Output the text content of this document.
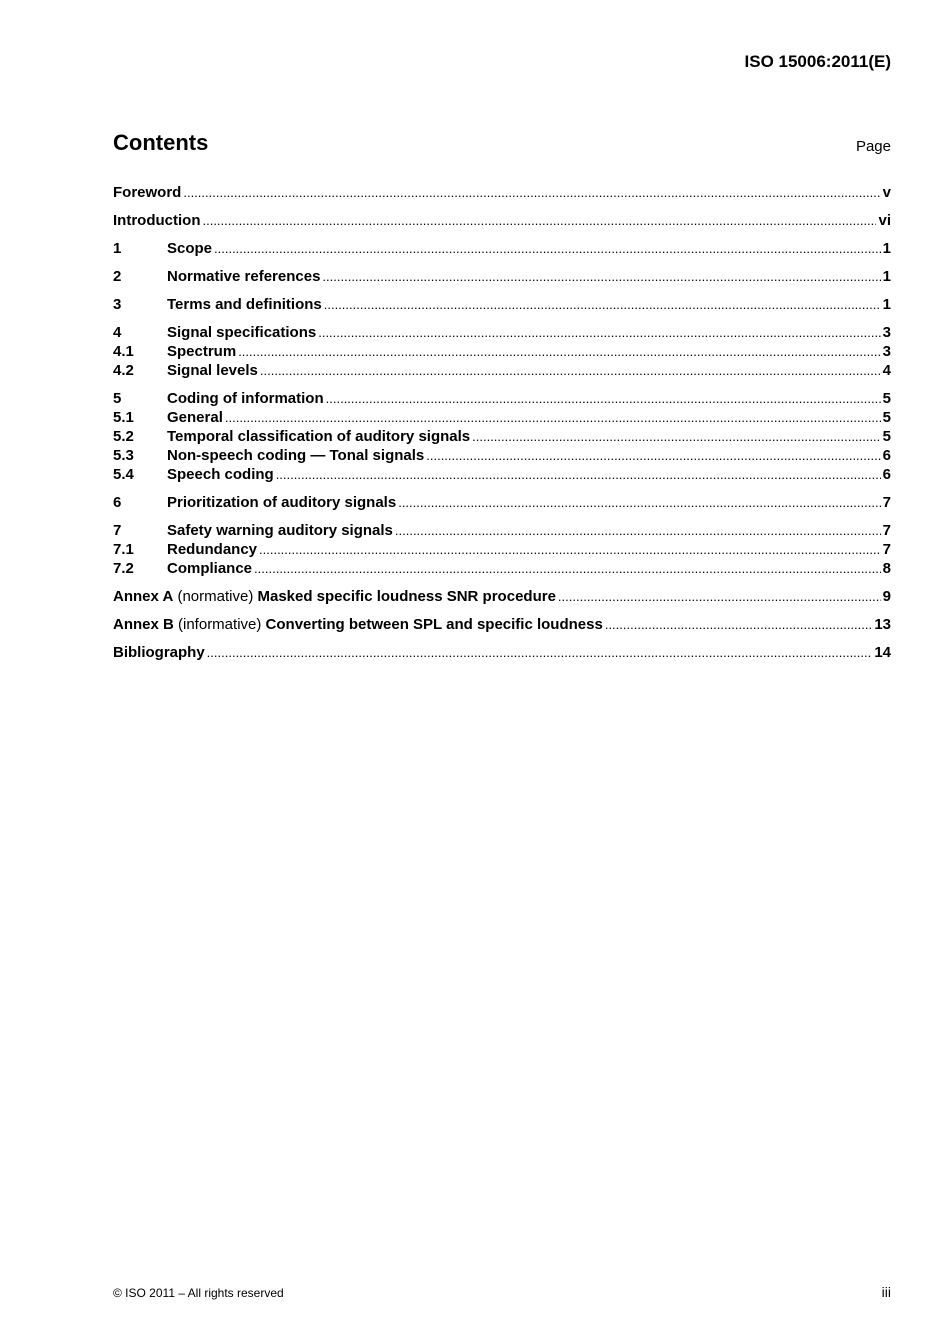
ISO 15006:2011(E)
Contents	Page
Foreword .....	v
Introduction .....	vi
1	Scope .....	1
2	Normative references .....	1
3	Terms and definitions .....	1
4	Signal specifications .....	3
4.1	Spectrum .....	3
4.2	Signal levels .....	4
5	Coding of information .....	5
5.1	General .....	5
5.2	Temporal classification of auditory signals .....	5
5.3	Non-speech coding — Tonal signals .....	6
5.4	Speech coding .....	6
6	Prioritization of auditory signals .....	7
7	Safety warning auditory signals .....	7
7.1	Redundancy .....	7
7.2	Compliance .....	8
Annex A (normative) Masked specific loudness SNR procedure .....	9
Annex B (informative) Converting between SPL and specific loudness .....	13
Bibliography .....	14
© ISO 2011 – All rights reserved	iii
